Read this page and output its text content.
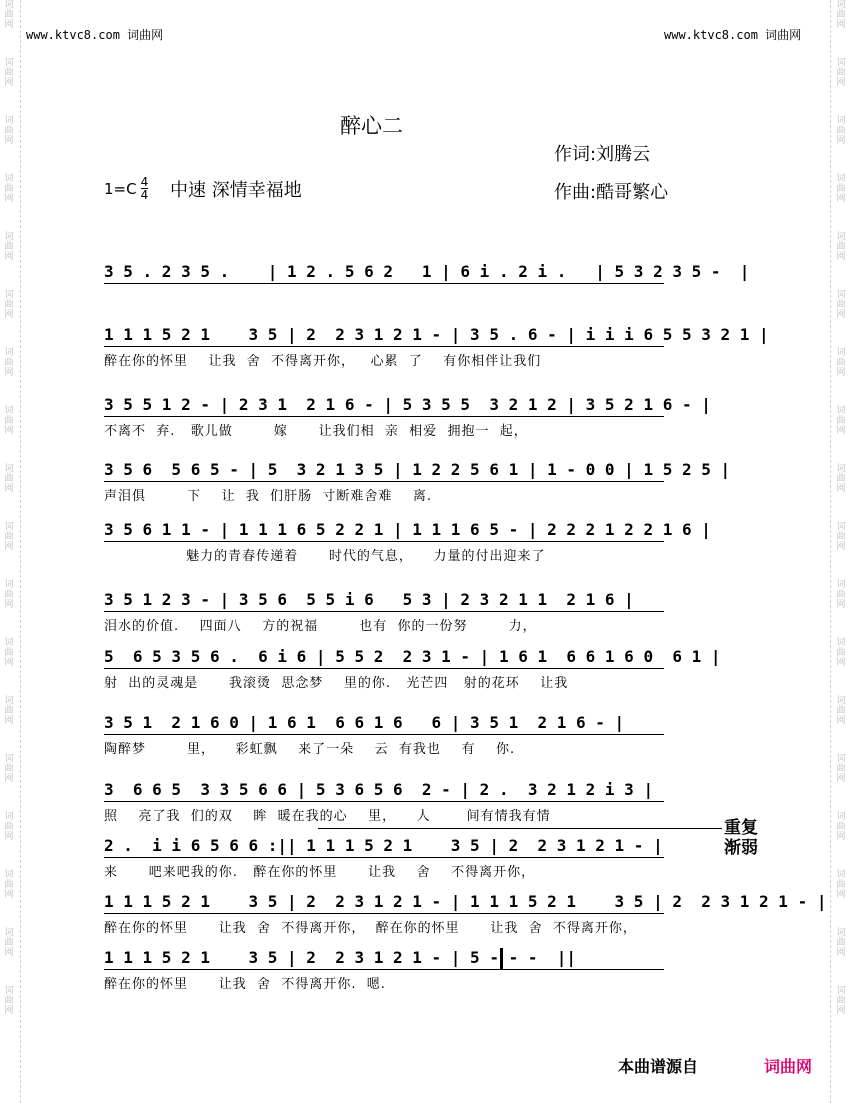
词
曲
网
词
曲
网
词
曲
网
词
曲
网
词
曲
网
词
曲
网
词
曲
网
词
曲
网
词
曲
网
词
曲
网
词
曲
网
词
曲
网
词
曲
网
词
曲
网
词
曲
网
词
曲
网
词
曲
网
词
曲
网
词
曲
网
词
曲
网
词
曲
网
词
曲
网
词
曲
网
词
曲
网
词
曲
网
词
曲
网
词
曲
网
词
曲
网
词
曲
网
词
曲
网
词
曲
网
词
曲
网
词
曲
网
词
曲
网
词
曲
网
词
曲
网
www.ktvc8.com 词曲网	www.ktvc8.com 词曲网
醉心二
作词:刘腾云
作曲:酷哥繁心
$1=C \frac{4}{4}$ 中速 深情幸福地
3 5 . 2 3 5 .    | 1 2 . 5 6 2   1 | 6 i . 2 i .   | 5 3 2 3 5 -  |
1 1 1 5 2 1    3 5 | 2  2 3 1 2 1 - | 3 5 . 6 - | i i i 6 5 5 3 2 1 |
醉在你的怀里    让我  舍  不得离开你，   心累  了    有你相伴让我们
3 5 5 1 2 - | 2 3 1  2 1 6 - | 5 3 5 5  3 2 1 2 | 3 5 2 1 6 - |
不离不  弃.   歌儿做        嫁      让我们相  亲  相爱  拥抱一  起，
3 5 6  5 6 5 - | 5  3 2 1 3 5 | 1 2 2 5 6 1 | 1 - 0 0 | 1 5 2 5 |
声泪俱        下    让  我  们肝肠  寸断难舍难    离.
3 5 6 1 1 - | 1 1 1 6 5 2 2 1 | 1 1 1 6 5 - | 2 2 2 1 2 2 1 6 |
魅力的青春传递着      时代的气息，    力量的付出迎来了
3 5 1 2 3 - | 3 5 6  5 5 i 6   5 3 | 2 3 2 1 1  2 1 6 |
泪水的价值.    四面八    方的祝福        也有  你的一份努        力，
5  6 5 3 5 6 .  6 i 6 | 5 5 2  2 3 1 - | 1 6 1  6 6 1 6 0  6 1 |
射  出的灵魂是      我滚烫  思念梦    里的你.   光芒四   射的花环    让我
3 5 1  2 1 6 0 | 1 6 1  6 6 1 6   6 | 3 5 1  2 1 6 - |
陶醉梦        里，    彩虹飘    来了一朵    云  有我也    有    你.
3  6 6 5  3 3 5 6 6 | 5 3 6 5 6  2 - | 2 .  3 2 1 2 i 3 |
照    亮了我  们的双    眸  暖在我的心    里，    人       间有情我有情
2 .  i i 6 5 6 6 :|| 1 1 1 5 2 1    3 5 | 2  2 3 1 2 1 - |
来      吧来吧我的你.   醉在你的怀里      让我    舍    不得离开你，
1 1 1 5 2 1    3 5 | 2  2 3 1 2 1 - | 1 1 1 5 2 1    3 5 | 2  2 3 1 2 1 - |
醉在你的怀里      让我  舍  不得离开你，  醉在你的怀里      让我  舍  不得离开你，
1 1 1 5 2 1    3 5 | 2  2 3 1 2 1 - | 5 - - -  ||
醉在你的怀里      让我  舍  不得离开你.  嗯.
重复
渐弱
本曲谱源自	词曲网
